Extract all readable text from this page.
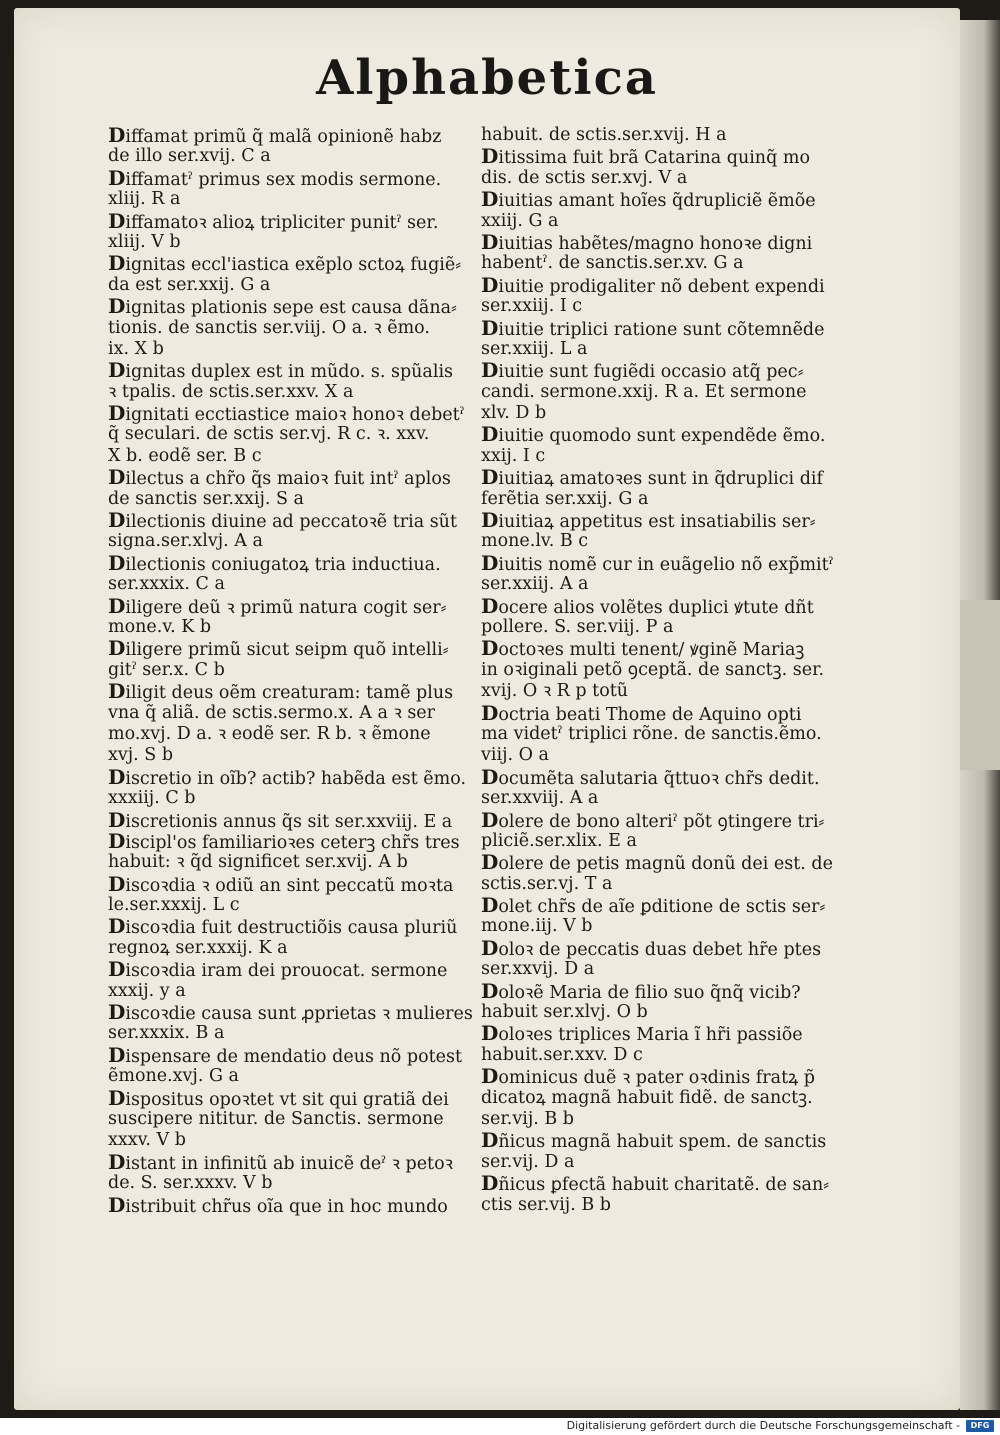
Alphabetica
Diffamat primũ q̃ malã opinionẽ habz
de illo ser.xvij. C a
Diffamatˀ primus sex modis sermone.
xliij. R a
Diffamatoꝛ alioꝝ tripliciter punitˀ ser.
xliij. V b
Dignitas eccl'iastica exẽplo sctoꝝ fugiẽ⸗
da est ser.xxij. G a
Dignitas plationis sepe est causa dãna⸗
tionis. de sanctis ser.viij. O a. ꝛ ẽmo.
ix. X b
Dignitas duplex est in mũdo. s. spũalis
ꝛ tpalis. de sctis.ser.xxv. X a
Dignitati ecctiastice maioꝛ honoꝛ debetˀ
q̃ seculari. de sctis ser.vj. R c. ꝛ. xxv.
X b. eodẽ ser. B c
Dilectus a chr̃o q̃s maioꝛ fuit intˀ aplos
de sanctis ser.xxij. S a
Dilectionis diuine ad peccatoꝛẽ tria sũt
signa.ser.xlvj. A a
Dilectionis coniugatoꝝ tria inductiua.
ser.xxxix. C a
Diligere deũ ꝛ primũ natura cogit ser⸗
mone.v. K b
Diligere primũ sicut seipm quõ intelli⸗
gitˀ ser.x. C b
Diligit deus oẽm creaturam: tamẽ plus
vna q̃ aliã. de sctis.sermo.x. A a ꝛ ser
mo.xvj. D a. ꝛ eodẽ ser. R b. ꝛ ẽmone
xvj. S b
Discretio in oĩb? actib? habẽda est ẽmo.
xxxiij. C b
Discretionis annus q̃s sit ser.xxviij. E a
Discipl'os familiarioꝛes ceterꝫ chr̃s tres
habuit: ꝛ q̃d significet ser.xvij. A b
Discoꝛdia ꝛ odiũ an sint peccatũ moꝛta
le.ser.xxxij. L c
Discoꝛdia fuit destructiõis causa pluriũ
regnoꝝ ser.xxxij. K a
Discoꝛdia iram dei prouocat. sermone
xxxij. y a
Discoꝛdie causa sunt ꝓprietas ꝛ mulieres
ser.xxxix. B a
Dispensare de mendatio deus nõ potest
ẽmone.xvj. G a
Dispositus opoꝛtet vt sit qui gratiã dei
suscipere nititur. de Sanctis. sermone
xxxv. V b
Distant in infinitũ ab inuicẽ deˀ ꝛ petoꝛ
de. S. ser.xxxv. V b
Distribuit chr̃us oĩa que in hoc mundo
habuit. de sctis.ser.xvij. H a
Ditissima fuit brã Catarina quinq̃ mo
dis. de sctis ser.xvj. V a
Diuitias amant hoĩes q̃drupliciẽ ẽmõe
xxiij. G a
Diuitias habẽtes/magno honoꝛe digni
habentˀ. de sanctis.ser.xv. G a
Diuitie prodigaliter nõ debent expendi
ser.xxiij. I c
Diuitie triplici ratione sunt cõtemnẽde
ser.xxiij. L a
Diuitie sunt fugiẽdi occasio atq̃ pec⸗
candi. sermone.xxij. R a. Et sermone
xlv. D b
Diuitie quomodo sunt expendẽde ẽmo.
xxij. I c
Diuitiaꝝ amatoꝛes sunt in q̃druplici dif
ferẽtia ser.xxij. G a
Diuitiaꝝ appetitus est insatiabilis ser⸗
mone.lv. B c
Diuitis nomẽ cur in euãgelio nõ exp̃mitˀ
ser.xxiij. A a
Docere alios volẽtes duplici ꝟtute dñt
pollere. S. ser.viij. P a
Doctoꝛes multi tenent/ ꝟginẽ Mariaꝫ
in oꝛiginali petõ ꝯceptã. de sanctꝫ. ser.
xvij. O ꝛ R p totũ
Doctria beati Thome de Aquino opti
ma videtˀ triplici rõne. de sanctis.ẽmo.
viij. O a
Documẽta salutaria q̃ttuoꝛ chr̃s dedit.
ser.xxviij. A a
Dolere de bono alteriˀ põt ꝯtingere tri⸗
pliciẽ.ser.xlix. E a
Dolere de petis magnũ donũ dei est. de
sctis.ser.vj. T a
Dolet chr̃s de aĩe ꝑditione de sctis ser⸗
mone.iij. V b
Doloꝛ de peccatis duas debet hr̃e ptes
ser.xxvij. D a
Doloꝛẽ Maria de filio suo q̃nq̃ vicib?
habuit ser.xlvj. O b
Doloꝛes triplices Maria ĩ hr̃i passiõe
habuit.ser.xxv. D c
Dominicus duẽ ꝛ pater oꝛdinis fratꝝ p̃
dicatoꝝ magnã habuit fidẽ. de sanctꝫ.
ser.vij. B b
Dñicus magnã habuit spem. de sanctis
ser.vij. D a
Dñicus ꝑfectã habuit charitatẽ. de san⸗
ctis ser.vij. B b
Digitalisierung gefördert durch die Deutsche Forschungsgemeinschaft -	DFG
